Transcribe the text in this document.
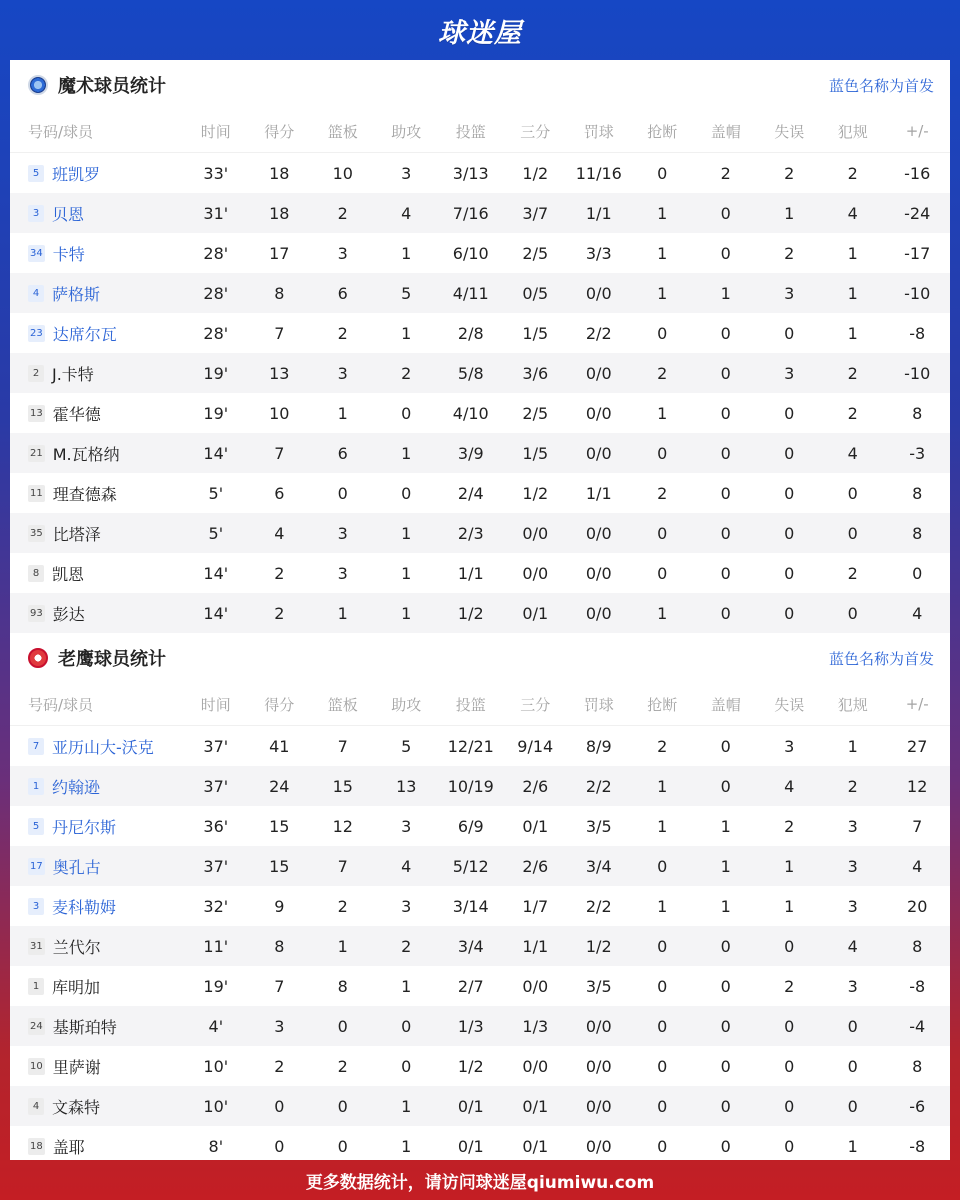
球迷屋
魔术球员统计	蓝色名称为首发
号码/球员	时间	得分	篮板	助攻	投篮	三分	罚球	抢断	盖帽	失误	犯规	+/-
5 班凯罗	33'	18	10	3	3/13	1/2	11/16	0	2	2	2	-16
3 贝恩	31'	18	2	4	7/16	3/7	1/1	1	0	1	4	-24
34 卡特	28'	17	3	1	6/10	2/5	3/3	1	0	2	1	-17
4 萨格斯	28'	8	6	5	4/11	0/5	0/0	1	1	3	1	-10
23 达席尔瓦	28'	7	2	1	2/8	1/5	2/2	0	0	0	1	-8
2 J.卡特	19'	13	3	2	5/8	3/6	0/0	2	0	3	2	-10
13 霍华德	19'	10	1	0	4/10	2/5	0/0	1	0	0	2	8
21 M.瓦格纳	14'	7	6	1	3/9	1/5	0/0	0	0	0	4	-3
11 理查德森	5'	6	0	0	2/4	1/2	1/1	2	0	0	0	8
35 比塔泽	5'	4	3	1	2/3	0/0	0/0	0	0	0	0	8
8 凯恩	14'	2	3	1	1/1	0/0	0/0	0	0	0	2	0
93 彭达	14'	2	1	1	1/2	0/1	0/0	1	0	0	0	4
老鹰球员统计	蓝色名称为首发
号码/球员	时间	得分	篮板	助攻	投篮	三分	罚球	抢断	盖帽	失误	犯规	+/-
7 亚历山大-沃克	37'	41	7	5	12/21	9/14	8/9	2	0	3	1	27
1 约翰逊	37'	24	15	13	10/19	2/6	2/2	1	0	4	2	12
5 丹尼尔斯	36'	15	12	3	6/9	0/1	3/5	1	1	2	3	7
17 奥孔古	37'	15	7	4	5/12	2/6	3/4	0	1	1	3	4
3 麦科勒姆	32'	9	2	3	3/14	1/7	2/2	1	1	1	3	20
31 兰代尔	11'	8	1	2	3/4	1/1	1/2	0	0	0	4	8
1 库明加	19'	7	8	1	2/7	0/0	3/5	0	0	2	3	-8
24 基斯珀特	4'	3	0	0	1/3	1/3	0/0	0	0	0	0	-4
10 里萨谢	10'	2	2	0	1/2	0/0	0/0	0	0	0	0	8
4 文森特	10'	0	0	1	0/1	0/1	0/0	0	0	0	0	-6
18 盖耶	8'	0	0	1	0/1	0/1	0/0	0	0	0	1	-8
更多数据统计，请访问球迷屋qiumiwu.com
